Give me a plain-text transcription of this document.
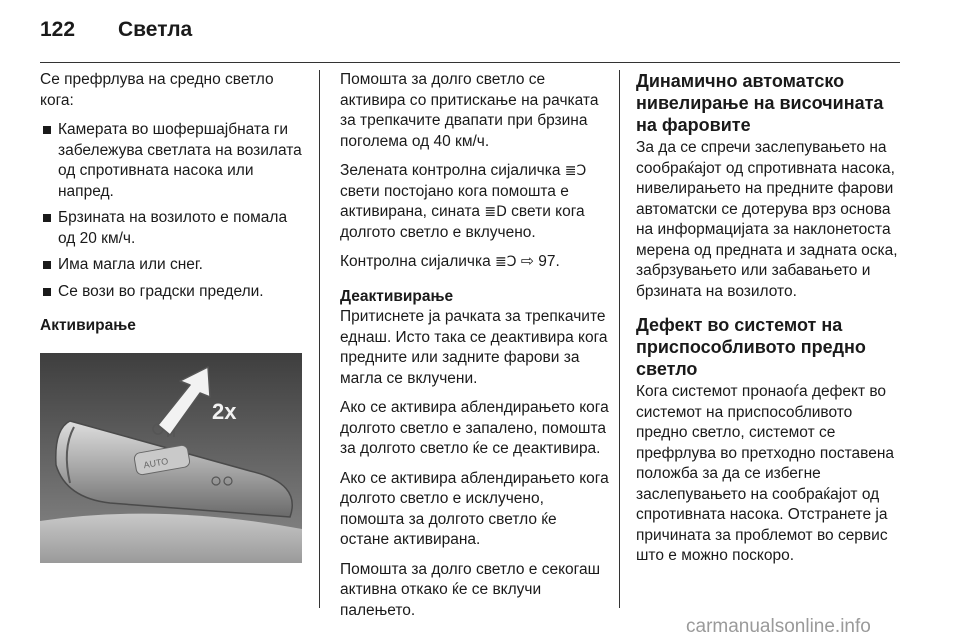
122 Светла

Се префрлува на средно светло кога:

Камерата во шофершајбната ги забележува светлата на возилата од спротивната насока или напред.
Брзината на возилото е помала од 20 км/ч.
Има магла или снег.
Се вози во градски предели.
Активирање
AUTO
2x

Помошта за долго светло се активира со притискање на рачката за трепкачите двапати при брзина поголема од 40 км/ч.

Зелената контролна сијаличка ≣Ↄ свети постојано кога помошта е активирана, сината ≣D свети кога долгото светло е вклучено.

Контролна сијаличка ≣Ↄ ⇨ 97.

Деактивирање

Притиснете ја рачката за трепкачите еднаш. Исто така се деактивира кога предните или задните фарови за магла се вклучени.

Ако се активира аблендирањето кога долгото светло е запалено, помошта за долгото светло ќе се деактивира.

Ако се активира аблендирањето кога долгото светло е исклучено, помошта за долгото светло ќе остане активирана.

Помошта за долго светло е секогаш активна откако ќе се вклучи палењето.

Динамично автоматско нивелирање на височината на фаровите

За да се спречи заслепувањето на сообраќајот од спротивната насока, нивелирањето на предните фарови автоматски се дотерува врз основа на информацијата за наклонетоста мерена од предната и задната оска, забрзувањето или забавањето и брзината на возилото.

Дефект во системот на приспособливото предно светло

Кога системот пронаоѓа дефект во системот на приспособливото предно светло, системот се префрлува во претходно поставена положба за да се избегне заслепувањето на сообраќајот од спротивната насока. Отстранете ја причината за проблемот во сервис што е можно поскоро.

carmanualsonline.info
